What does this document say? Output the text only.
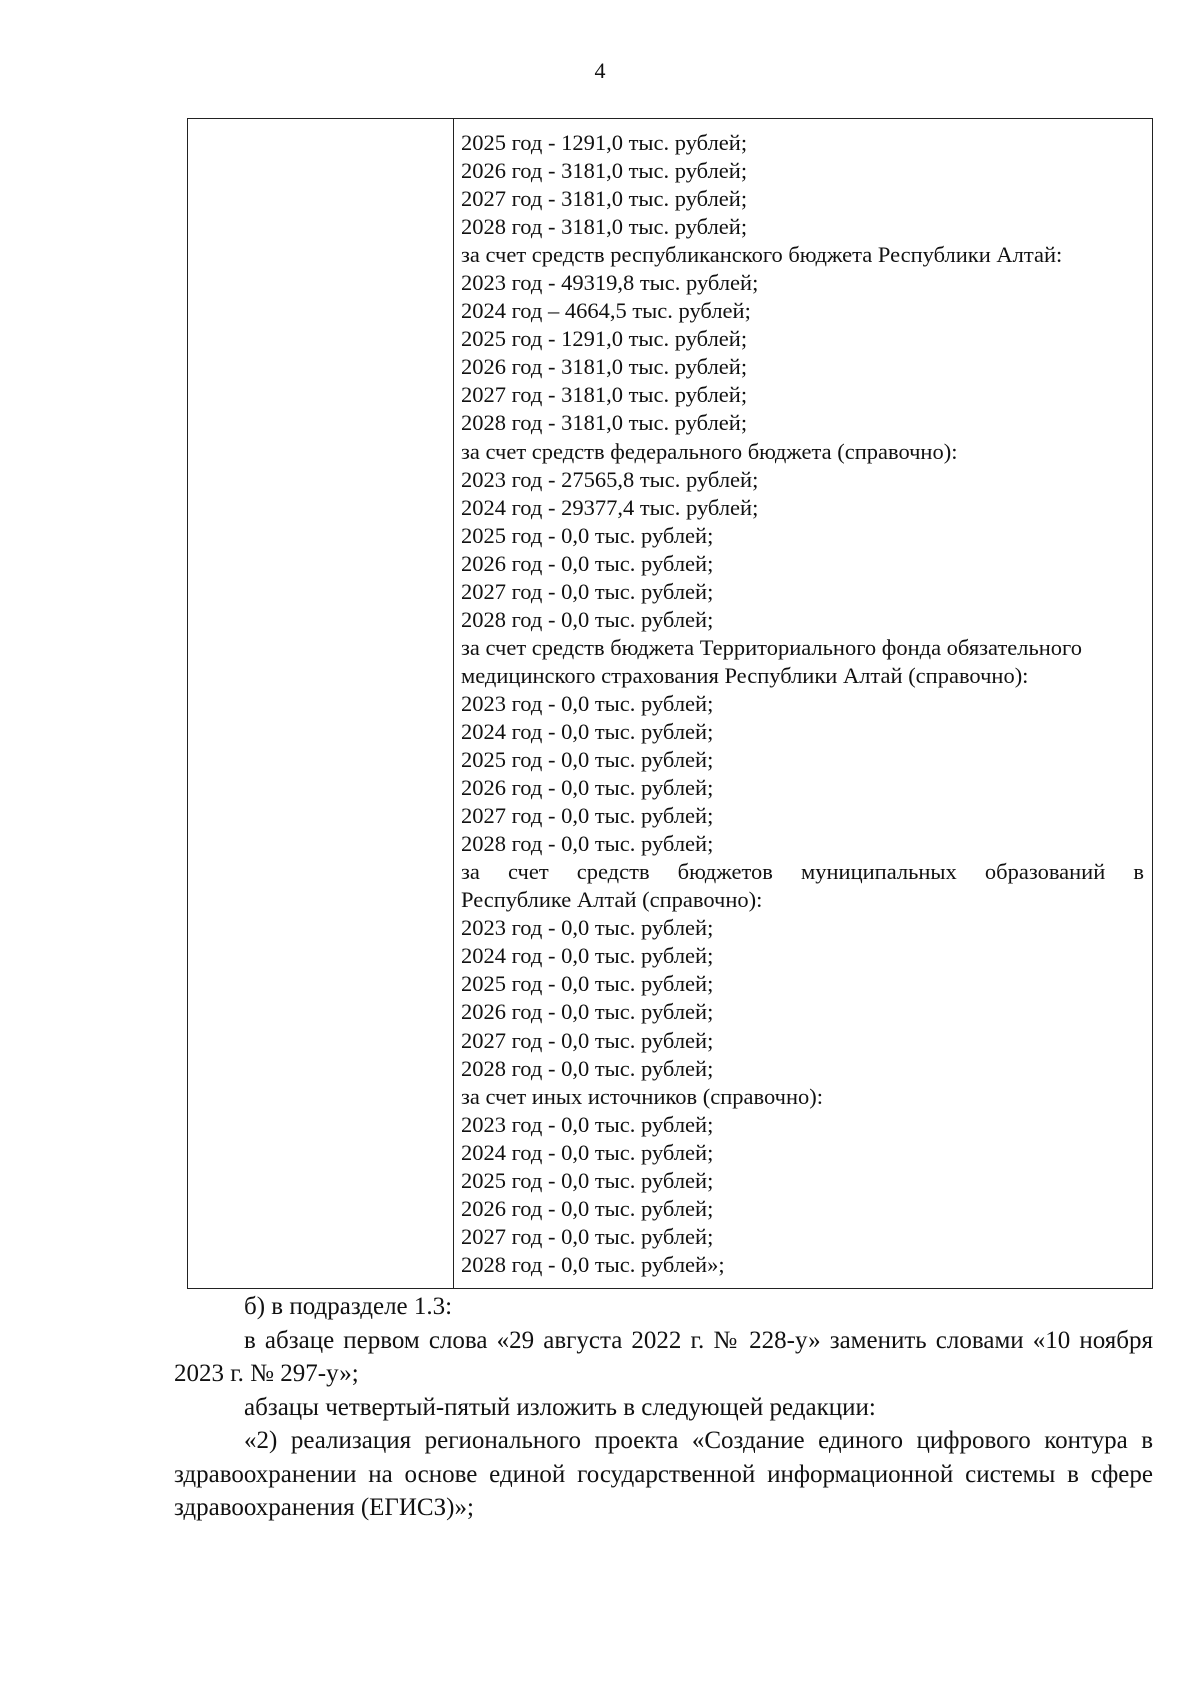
4
2025 год - 1291,0 тыс. рублей;
2026 год - 3181,0 тыс. рублей;
2027 год - 3181,0 тыс. рублей;
2028 год - 3181,0 тыс. рублей;
за счет средств республиканского бюджета Республики Алтай:
2023 год - 49319,8 тыс. рублей;
2024 год – 4664,5 тыс. рублей;
2025 год - 1291,0 тыс. рублей;
2026 год - 3181,0 тыс. рублей;
2027 год - 3181,0 тыс. рублей;
2028 год - 3181,0 тыс. рублей;
за счет средств федерального бюджета (справочно):
2023 год - 27565,8 тыс. рублей;
2024 год - 29377,4 тыс. рублей;
2025 год - 0,0 тыс. рублей;
2026 год - 0,0 тыс. рублей;
2027 год - 0,0 тыс. рублей;
2028 год - 0,0 тыс. рублей;
за счет средств бюджета Территориального фонда обязательного
медицинского страхования Республики Алтай (справочно):
2023 год - 0,0 тыс. рублей;
2024 год - 0,0 тыс. рублей;
2025 год - 0,0 тыс. рублей;
2026 год - 0,0 тыс. рублей;
2027 год - 0,0 тыс. рублей;
2028 год - 0,0 тыс. рублей;
за счет средств бюджетов муниципальных образований в
Республике Алтай (справочно):
2023 год - 0,0 тыс. рублей;
2024 год - 0,0 тыс. рублей;
2025 год - 0,0 тыс. рублей;
2026 год - 0,0 тыс. рублей;
2027 год - 0,0 тыс. рублей;
2028 год - 0,0 тыс. рублей;
за счет иных источников (справочно):
2023 год - 0,0 тыс. рублей;
2024 год - 0,0 тыс. рублей;
2025 год - 0,0 тыс. рублей;
2026 год - 0,0 тыс. рублей;
2027 год - 0,0 тыс. рублей;
2028 год - 0,0 тыс. рублей»;

б) в подразделе 1.3:

в абзаце первом слова «29 августа 2022 г. № 228-у» заменить словами «10 ноября 2023 г. № 297-у»;

абзацы четвертый-пятый изложить в следующей редакции:

«2) реализация регионального проекта «Создание единого цифрового контура в здравоохранении на основе единой государственной информационной системы в сфере здравоохранения (ЕГИСЗ)»;
